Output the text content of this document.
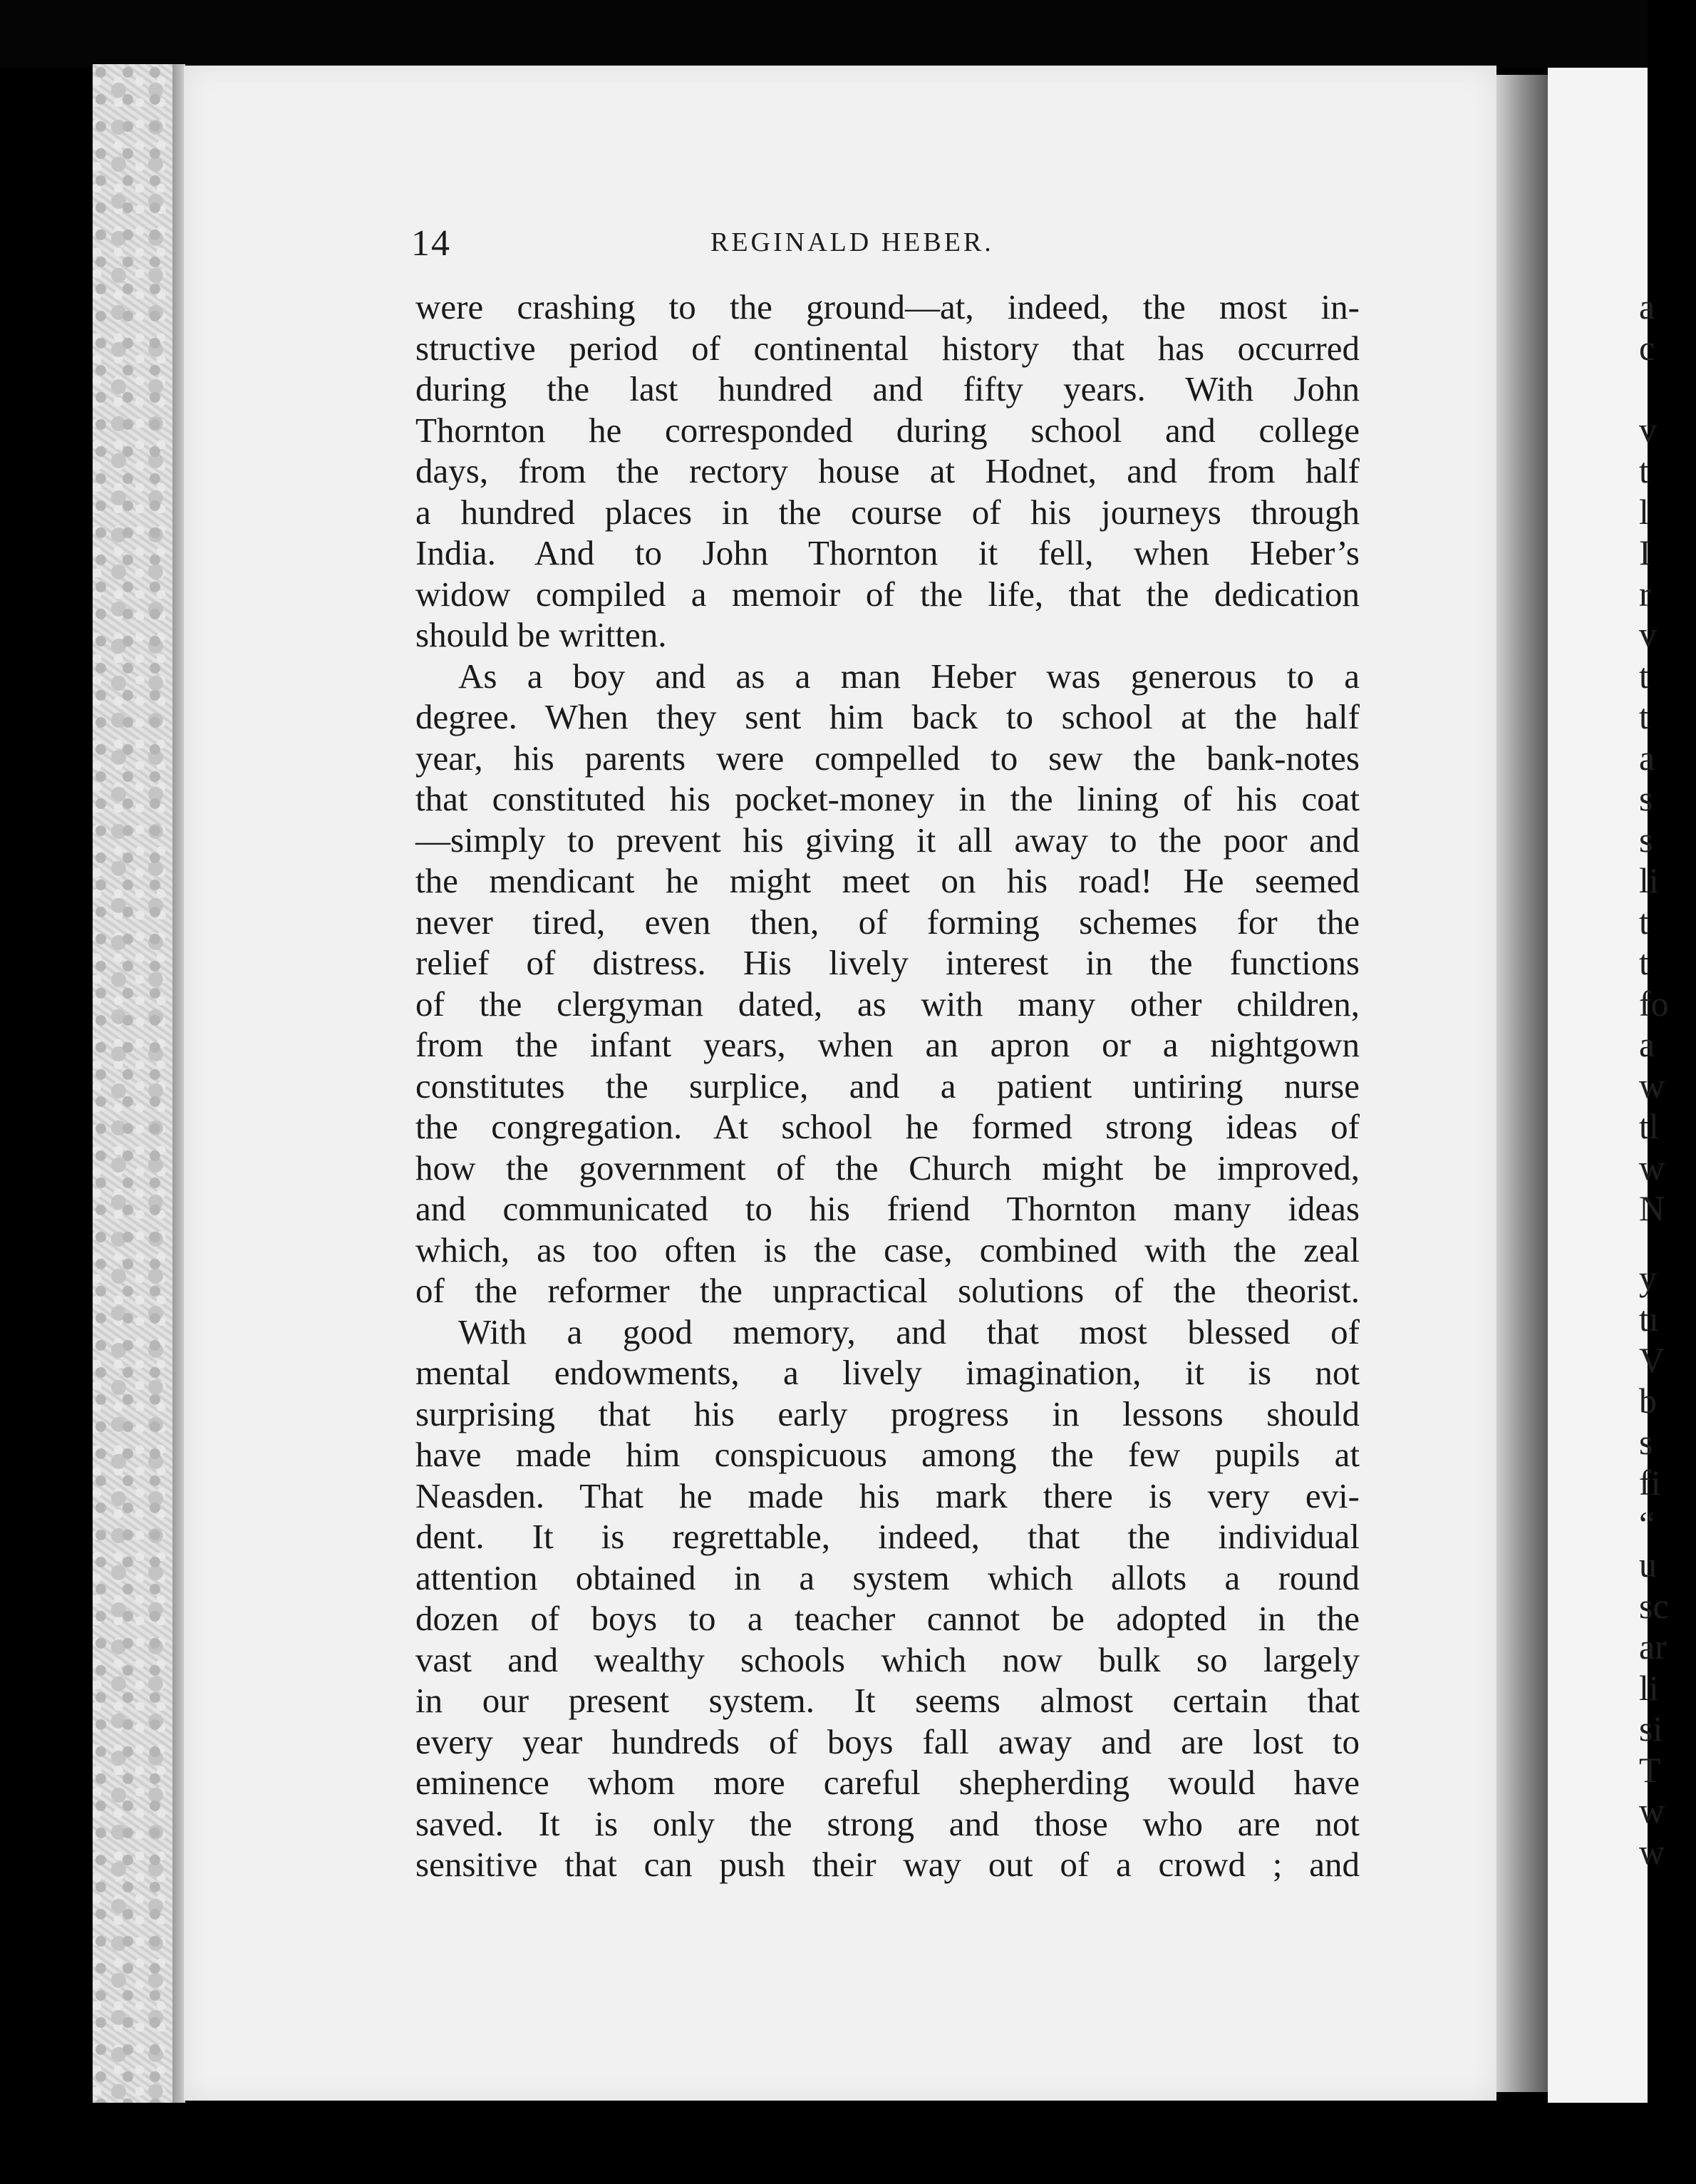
a
c
v
t
l
I
r
v
t
t
a
s
s
li
t
t
fo
a
w
tl
w
N
y
tı
V
b
s
fi
“
u
sc
ar
li
si
T
w
w
14	REGINALD HEBER.
were crashing to the ground—at, indeed, the most in-
structive period of continental history that has occurred
during the last hundred and fifty years. With John
Thornton he corresponded during school and college
days, from the rectory house at Hodnet, and from half
a hundred places in the course of his journeys through
India. And to John Thornton it fell, when Heber’s
widow compiled a memoir of the life, that the dedication
should be written.
As a boy and as a man Heber was generous to a
degree. When they sent him back to school at the half
year, his parents were compelled to sew the bank-notes
that constituted his pocket-money in the lining of his coat
—simply to prevent his giving it all away to the poor and
the mendicant he might meet on his road! He seemed
never tired, even then, of forming schemes for the
relief of distress. His lively interest in the functions
of the clergyman dated, as with many other children,
from the infant years, when an apron or a nightgown
constitutes the surplice, and a patient untiring nurse
the congregation. At school he formed strong ideas of
how the government of the Church might be improved,
and communicated to his friend Thornton many ideas
which, as too often is the case, combined with the zeal
of the reformer the unpractical solutions of the theorist.
With a good memory, and that most blessed of
mental endowments, a lively imagination, it is not
surprising that his early progress in lessons should
have made him conspicuous among the few pupils at
Neasden. That he made his mark there is very evi-
dent. It is regrettable, indeed, that the individual
attention obtained in a system which allots a round
dozen of boys to a teacher cannot be adopted in the
vast and wealthy schools which now bulk so largely
in our present system. It seems almost certain that
every year hundreds of boys fall away and are lost to
eminence whom more careful shepherding would have
saved. It is only the strong and those who are not
sensitive that can push their way out of a crowd ; and
